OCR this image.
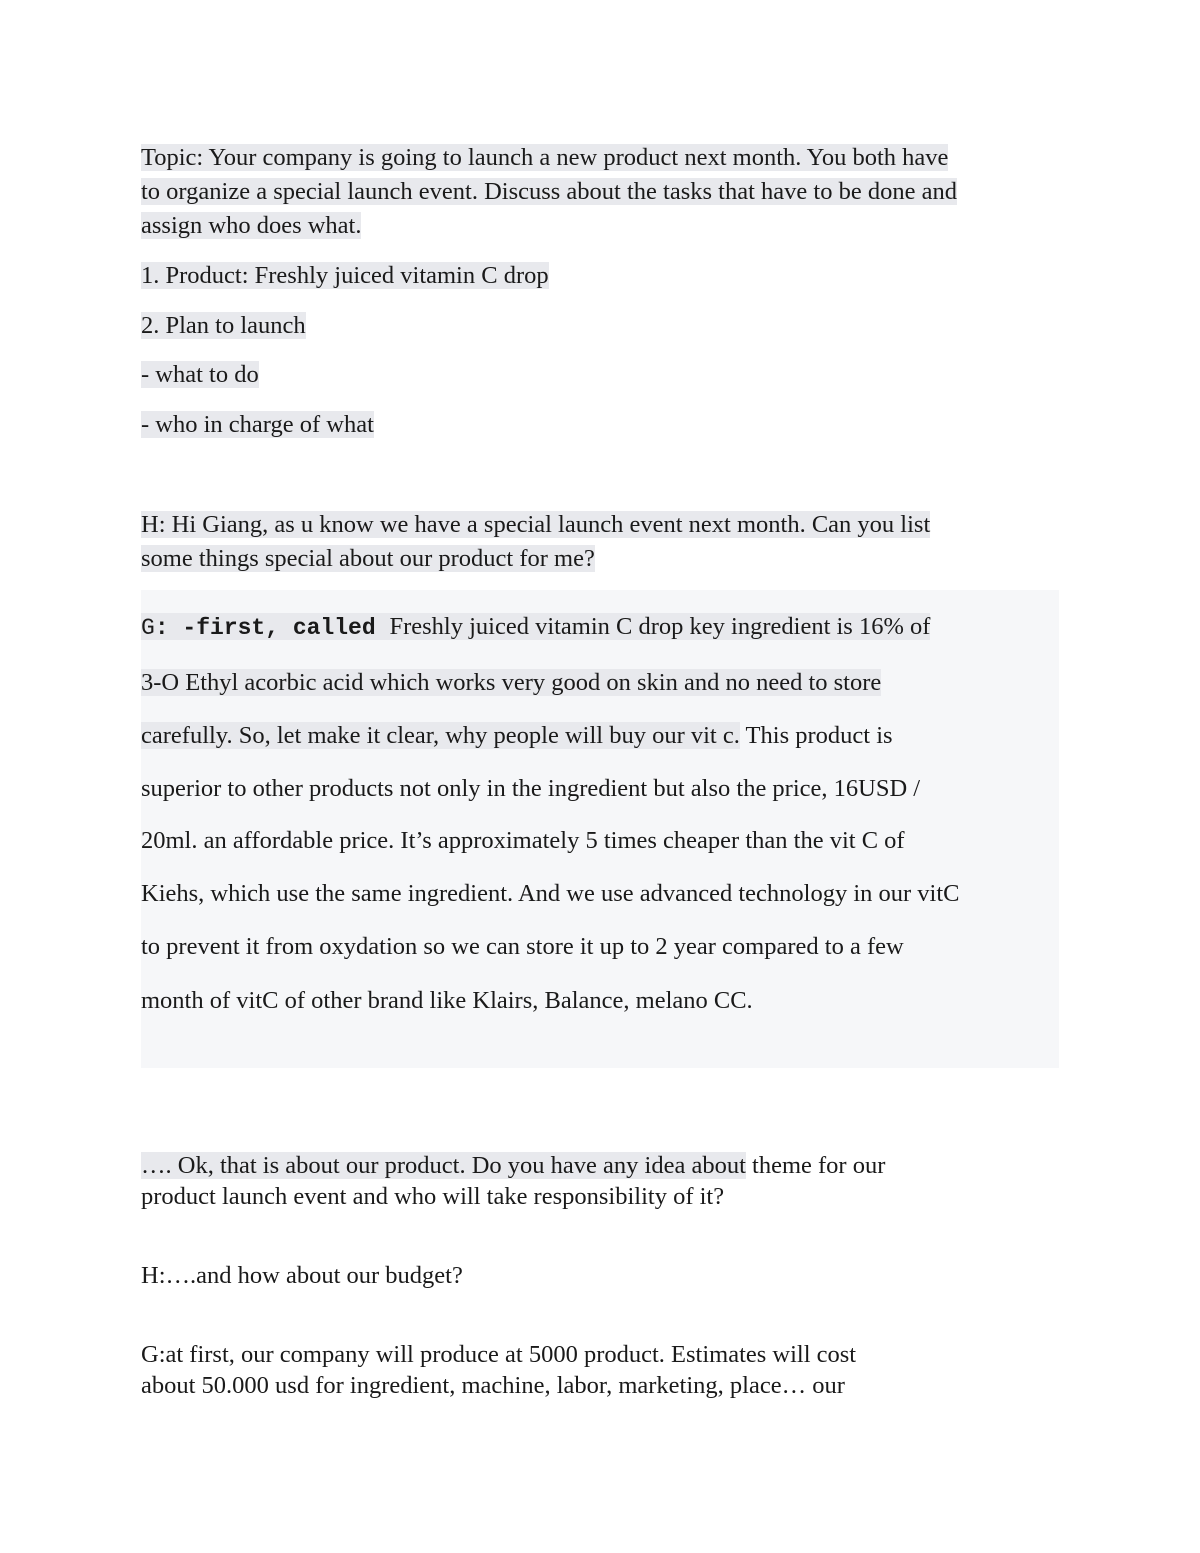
Topic: Your company is going to launch a new product next month. You both have
to organize a special launch event. Discuss about the tasks that have to be done and
assign who does what.
1. Product: Freshly juiced vitamin C drop
2. Plan to launch
- what to do
- who in charge of what
H: Hi Giang, as u know we have a special launch event next month. Can you list
some things special about our product for me?
G: -first, called Freshly juiced vitamin C drop key ingredient is 16% of
3-O Ethyl acorbic acid which works very good on skin and no need to store
carefully. So, let make it clear, why people will buy our vit c. This product is
superior to other products not only in the ingredient but also the price, 16USD /
20ml. an affordable price. It’s approximately 5 times cheaper than the vit C of
Kiehs, which use the same ingredient. And we use advanced technology in our vitC
to prevent it from oxydation so we can store it up to 2 year compared to a few
month of vitC of other brand like Klairs, Balance, melano CC.
…. Ok, that is about our product. Do you have any idea about theme for our
product launch event and who will take responsibility of it?
H:….and how about our budget?
G:at first, our company will produce at 5000 product. Estimates will cost
about 50.000 usd for ingredient, machine, labor, marketing, place… our
